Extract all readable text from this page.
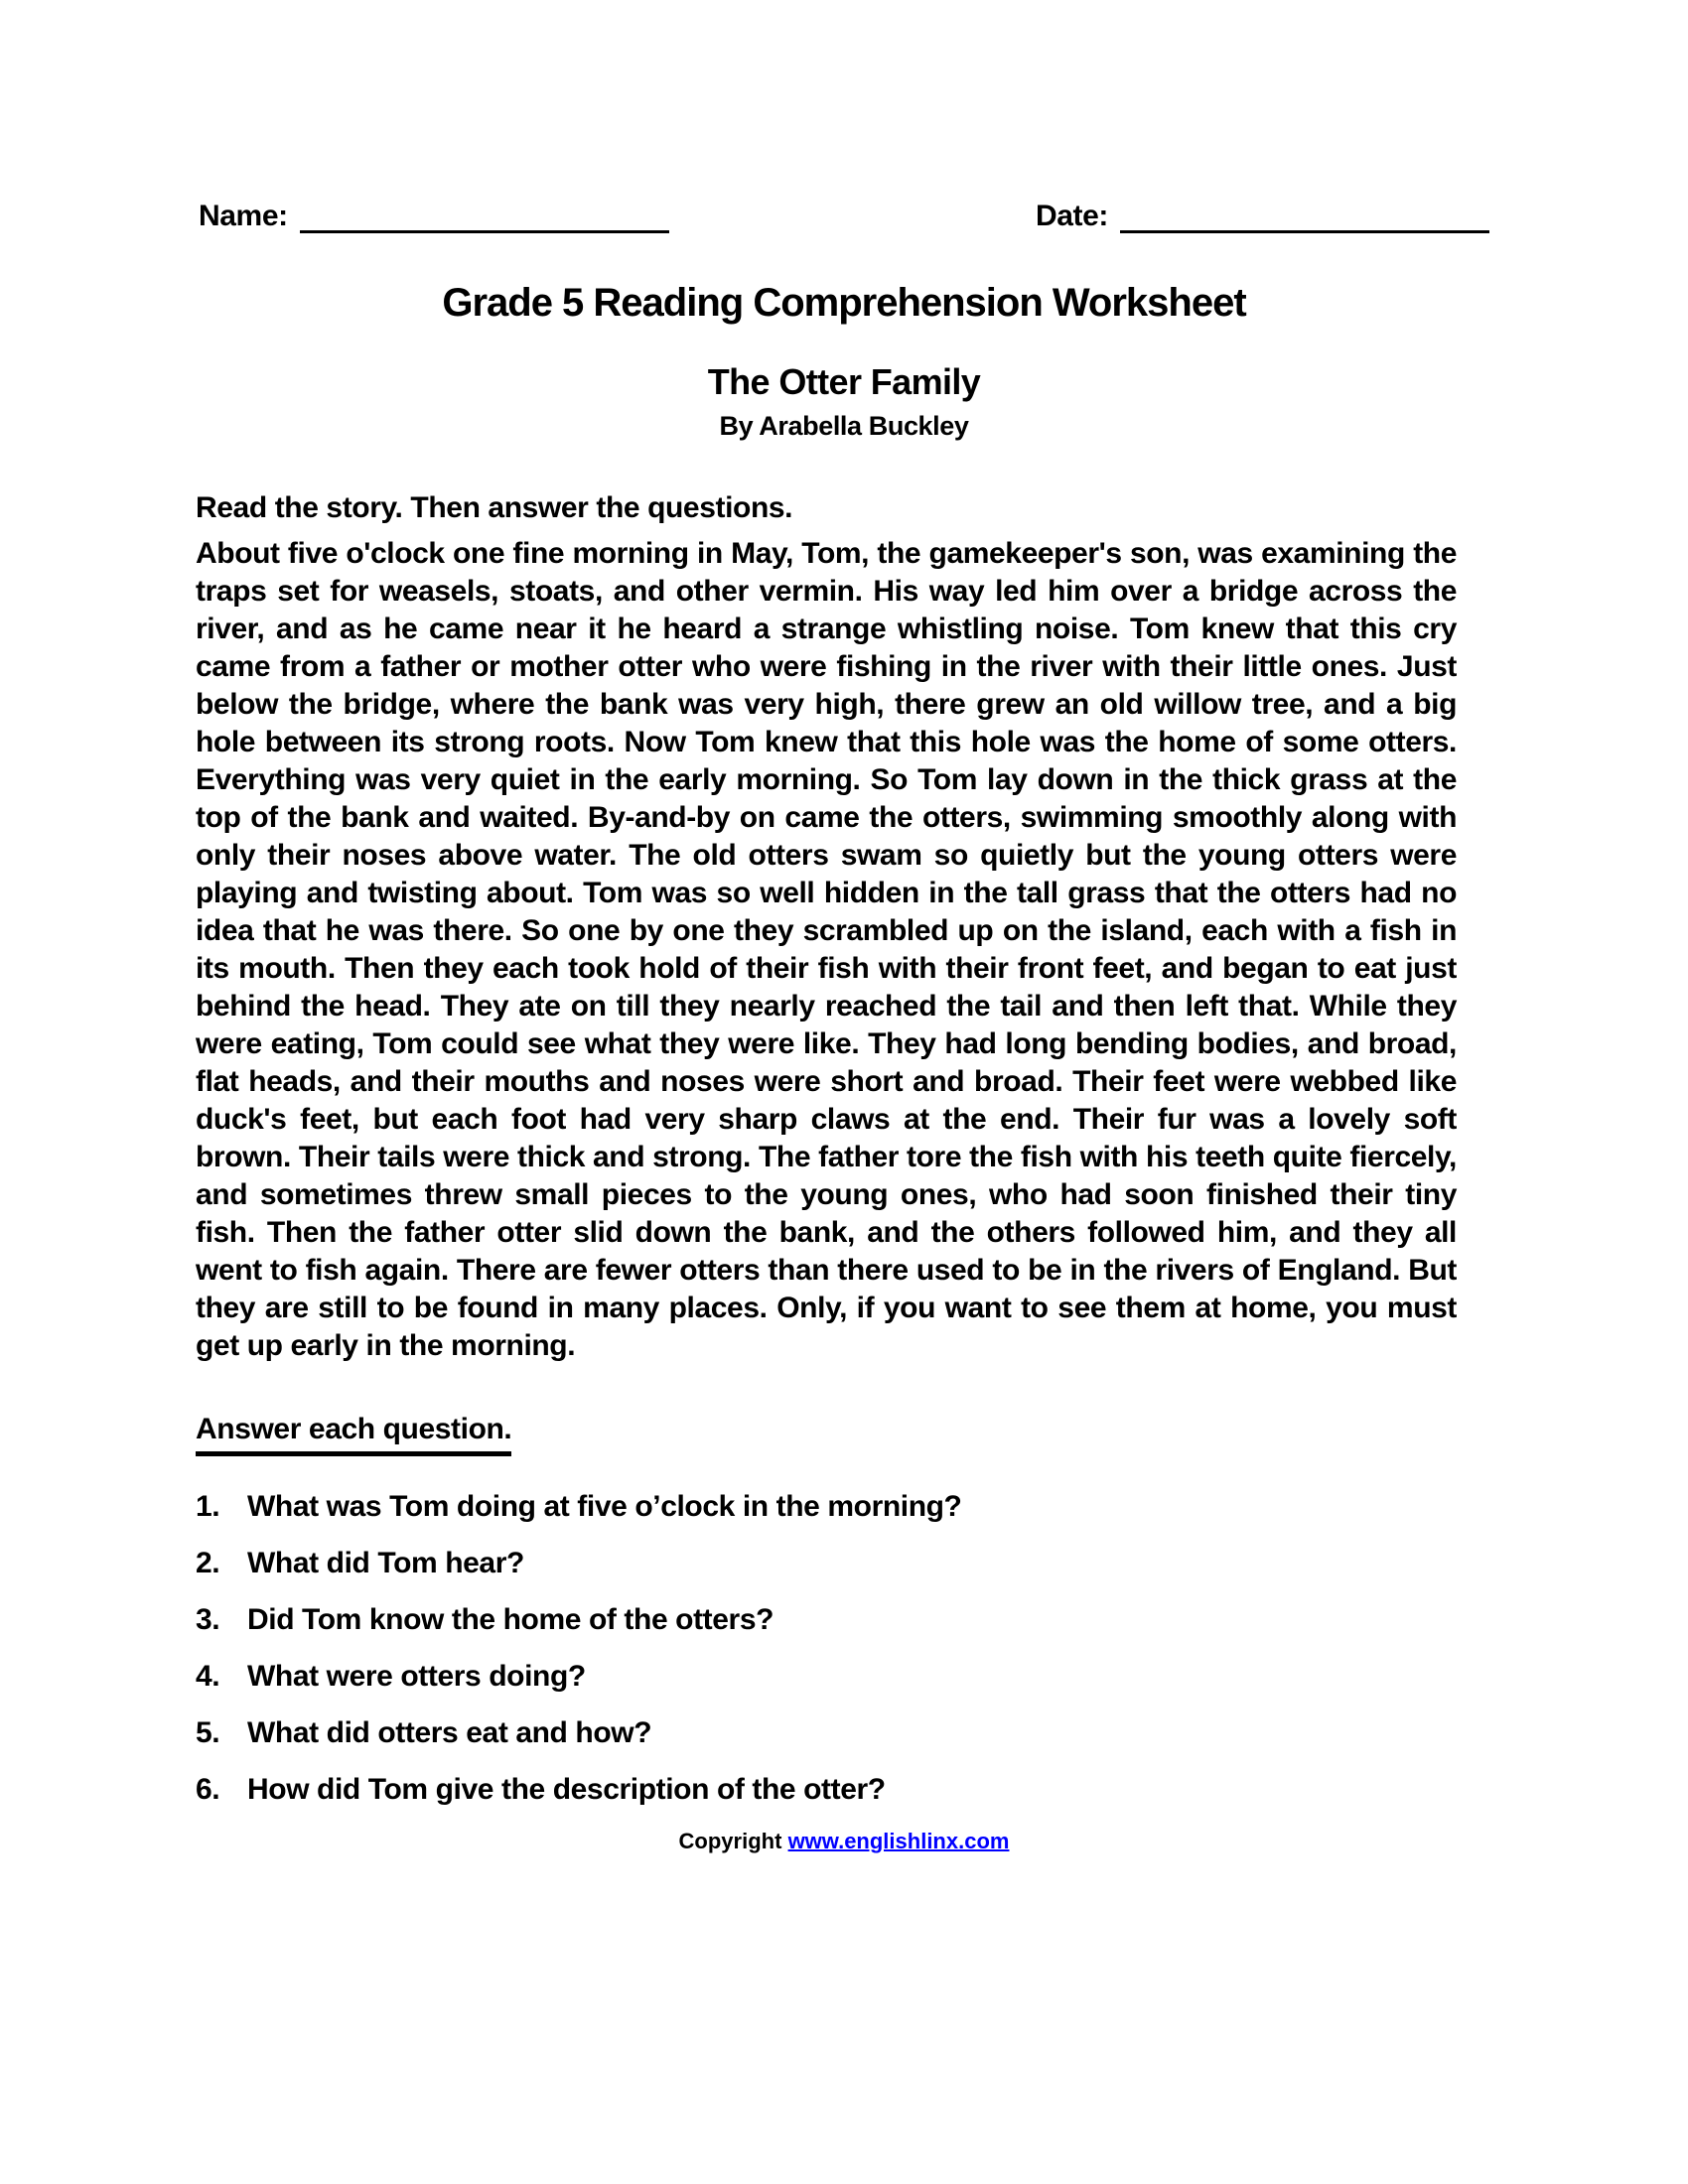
Name:	Date:
Grade 5 Reading Comprehension Worksheet
The Otter Family
By Arabella Buckley

Read the story. Then answer the questions.

About five o'clock one fine morning in May, Tom, the gamekeeper's son, was examining the traps set for weasels, stoats, and other vermin. His way led him over a bridge across the river, and as he came near it he heard a strange whistling noise. Tom knew that this cry came from a father or mother otter who were fishing in the river with their little ones. Just below the bridge, where the bank was very high, there grew an old willow tree, and a big hole between its strong roots. Now Tom knew that this hole was the home of some otters. Everything was very quiet in the early morning. So Tom lay down in the thick grass at the top of the bank and waited. By-and-by on came the otters, swimming smoothly along with only their noses above water. The old otters swam so quietly but the young otters were playing and twisting about. Tom was so well hidden in the tall grass that the otters had no idea that he was there. So one by one they scrambled up on the island, each with a fish in its mouth. Then they each took hold of their fish with their front feet, and began to eat just behind the head. They ate on till they nearly reached the tail and then left that. While they were eating, Tom could see what they were like. They had long bending bodies, and broad, flat heads, and their mouths and noses were short and broad. Their feet were webbed like duck's feet, but each foot had very sharp claws at the end. Their fur was a lovely soft brown. Their tails were thick and strong. The father tore the fish with his teeth quite fiercely, and sometimes threw small pieces to the young ones, who had soon finished their tiny fish. Then the father otter slid down the bank, and the others followed him, and they all went to fish again. There are fewer otters than there used to be in the rivers of England. But they are still to be found in many places. Only, if you want to see them at home, you must get up early in the morning.

Answer each question.
1. What was Tom doing at five o’clock in the morning?
2. What did Tom hear?
3. Did Tom know the home of the otters?
4. What were otters doing?
5. What did otters eat and how?
6. How did Tom give the description of the otter?
Copyright www.englishlinx.com
